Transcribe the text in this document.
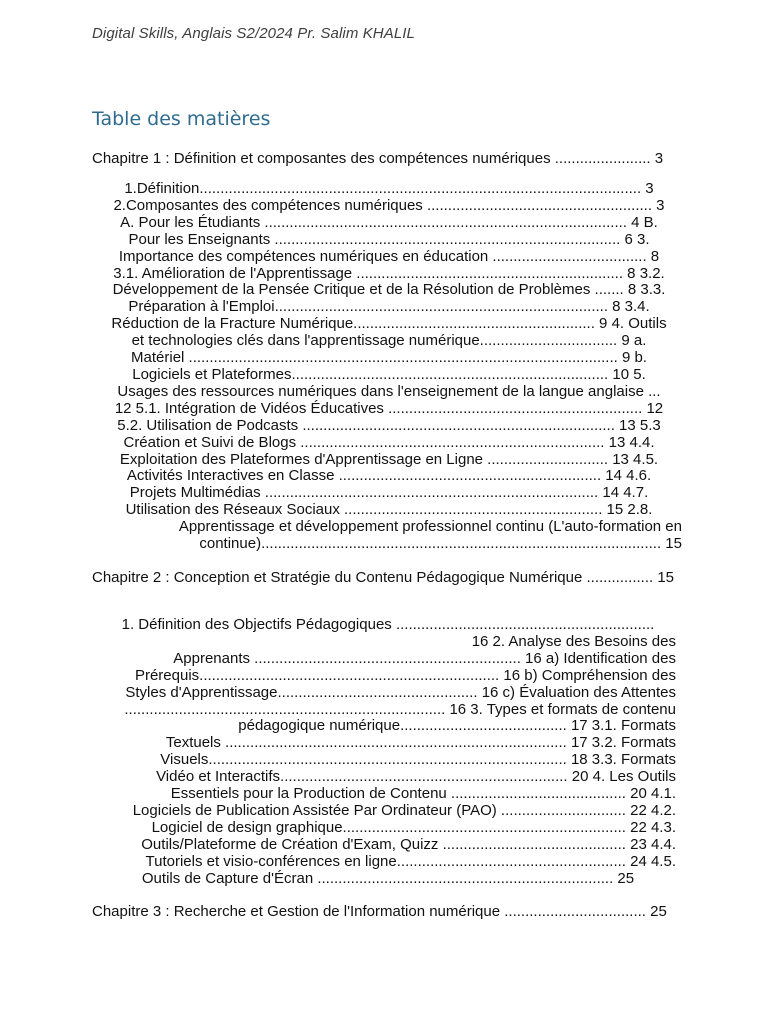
Digital Skills, Anglais S2/2024 Pr. Salim KHALIL
Table des matières
Chapitre 1 : Définition et composantes des compétences numériques ....................... 3
1.Définition.......................................................................................................... 3
2.Composantes des compétences numériques ...................................................... 3
A. Pour les Étudiants ....................................................................................... 4 B.
Pour les Enseignants ................................................................................... 6 3.
Importance des compétences numériques en éducation ..................................... 8
3.1. Amélioration de l'Apprentissage ................................................................ 8 3.2.
Développement de la Pensée Critique et de la Résolution de Problèmes ....... 8 3.3.
Préparation à l'Emploi................................................................................ 8 3.4.
Réduction de la Fracture Numérique.......................................................... 9 4. Outils
et technologies clés dans l'apprentissage numérique................................. 9 a.
Matériel ....................................................................................................... 9 b.
Logiciels et Plateformes............................................................................ 10 5.
Usages des ressources numériques dans l'enseignement de la langue anglaise ...
12 5.1. Intégration de Vidéos Éducatives ............................................................. 12
5.2. Utilisation de Podcasts ........................................................................... 13 5.3
Création et Suivi de Blogs ......................................................................... 13 4.4.
Exploitation des Plateformes d'Apprentissage en Ligne ............................. 13 4.5.
Activités Interactives en Classe ............................................................... 14 4.6.
Projets Multimédias ................................................................................ 14 4.7.
Utilisation des Réseaux Sociaux .............................................................. 15 2.8.
Apprentissage et développement professionnel continu (L'auto-formation en
continue)................................................................................................ 15
Chapitre 2 : Conception et Stratégie du Contenu Pédagogique Numérique ................ 15
1. Définition des Objectifs Pédagogiques ..............................................................
16 2. Analyse des Besoins des
Apprenants ................................................................ 16 a) Identification des
Prérequis........................................................................ 16 b) Compréhension des
Styles d'Apprentissage................................................ 16 c) Évaluation des Attentes
............................................................................. 16 3. Types et formats de contenu
pédagogique numérique........................................ 17 3.1. Formats
Textuels .................................................................................. 17 3.2. Formats
Visuels...................................................................................... 18 3.3. Formats
Vidéo et Interactifs..................................................................... 20 4. Les Outils
Essentiels pour la Production de Contenu .......................................... 20 4.1.
Logiciels de Publication Assistée Par Ordinateur (PAO) .............................. 22 4.2.
Logiciel de design graphique.................................................................... 22 4.3.
Outils/Plateforme de Création d'Exam, Quizz ............................................ 23 4.4.
Tutoriels et visio-conférences en ligne....................................................... 24 4.5.
Outils de Capture d'Écran ....................................................................... 25
Chapitre 3 : Recherche et Gestion de l'Information numérique .................................. 25
